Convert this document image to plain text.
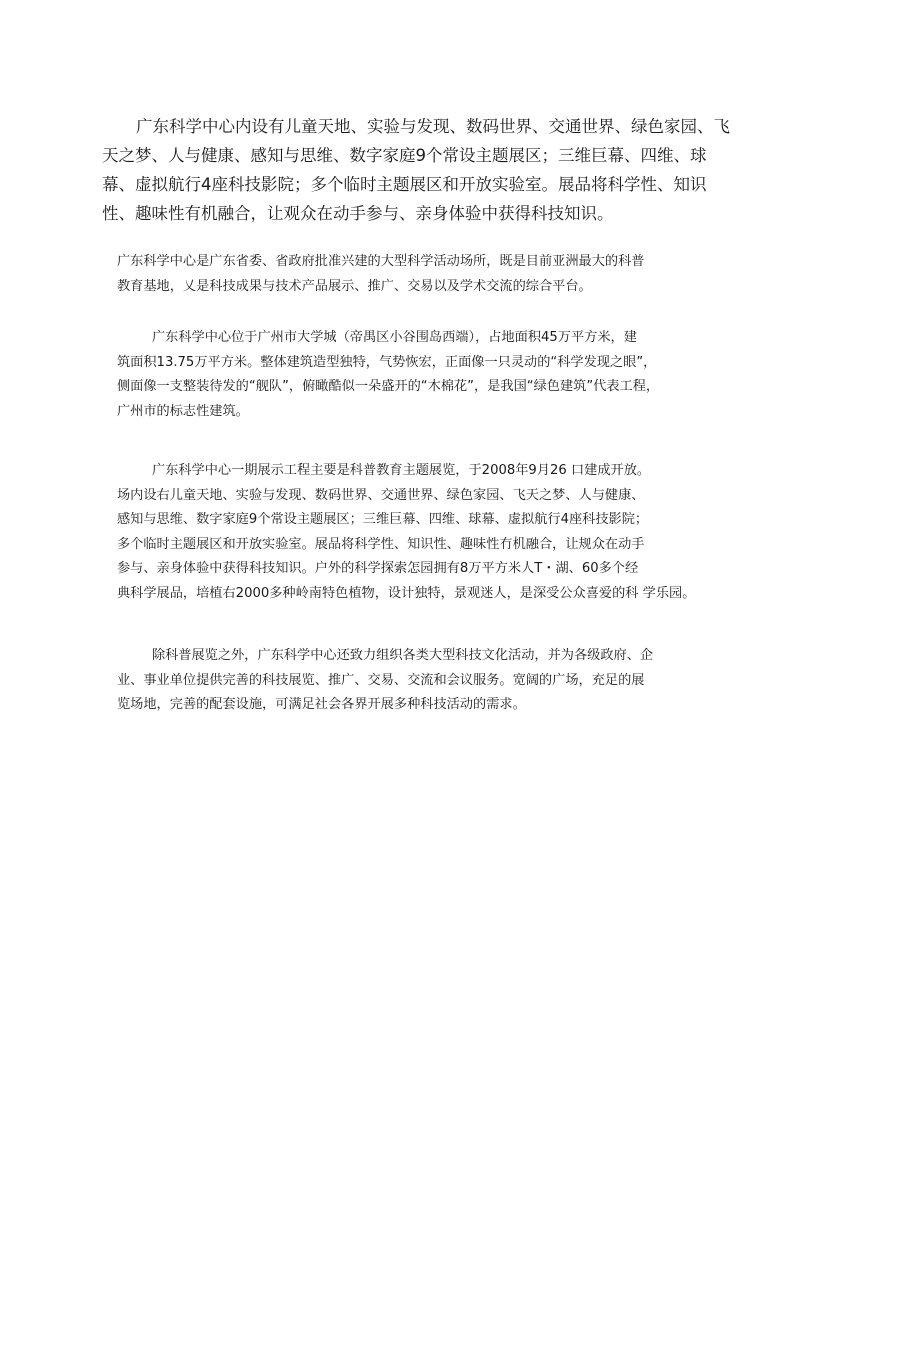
广东科学中心内设有儿童天地、实验与发现、数码世界、交通世界、绿色家园、飞
天之梦、人与健康、感知与思维、数字家庭9个常设主题展区；三维巨幕、四维、球
幕、虚拟航行4座科技影院；多个临时主题展区和开放实验室。展品将科学性、知识
性、趣味性有机融合，让观众在动手参与、亲身体验中获得科技知识。

广东科学中心是广东省委、省政府批准兴建的大型科学活动场所，既是目前亚洲最大的科普
教育基地，乂是科技成果与技术产品展示、推广、交易以及学术交流的综合平台。

广东科学中心位于广州市大学城（帝禺区小谷围岛西端），占地面积45万平方米，建
筑面积13.75万平方米。整体建筑造型独特，气势恢宏，正面像一只灵动的“科学发现之眼”，
侧面像一支整装待发的“舰队”，俯瞰酷似一朵盛开的“木棉花”，是我国“绿色建筑”代表工程，
广州市的标志性建筑。

广东科学中心一期展示工程主要是科普教育主题展览，于2008年9月26 口建成开放。
场内设右儿童天地、实验与发现、数码世界、交通世界、绿色家园、飞天之梦、人与健康、
感知与思维、数字家庭9个常设主题展区；三维巨幕、四维、球幕、虚拟航行4座科技影院；
多个临时主题展区和开放实验室。展品将科学性、知识性、趣味性冇机融合，让规众在动手
参与、亲身体验中获得科技知识。户外的科学探索怎园拥有8万平方米人T・湖、60多个经
典科学展品，培植右2000多种岭南特色植物，设计独特，景观迷人，是深受公众喜爱的科 学乐园。

除科普展览之外，广东科学中心还致力组织各类大型科技文化活动，并为各级政府、企
业、事业单位提供完善的科技展览、推广、交易、交流和会议服务。宽阔的广场，充足的展
览场地，完善的配套设施，可满足社会各界开展多种科技活动的需求。
